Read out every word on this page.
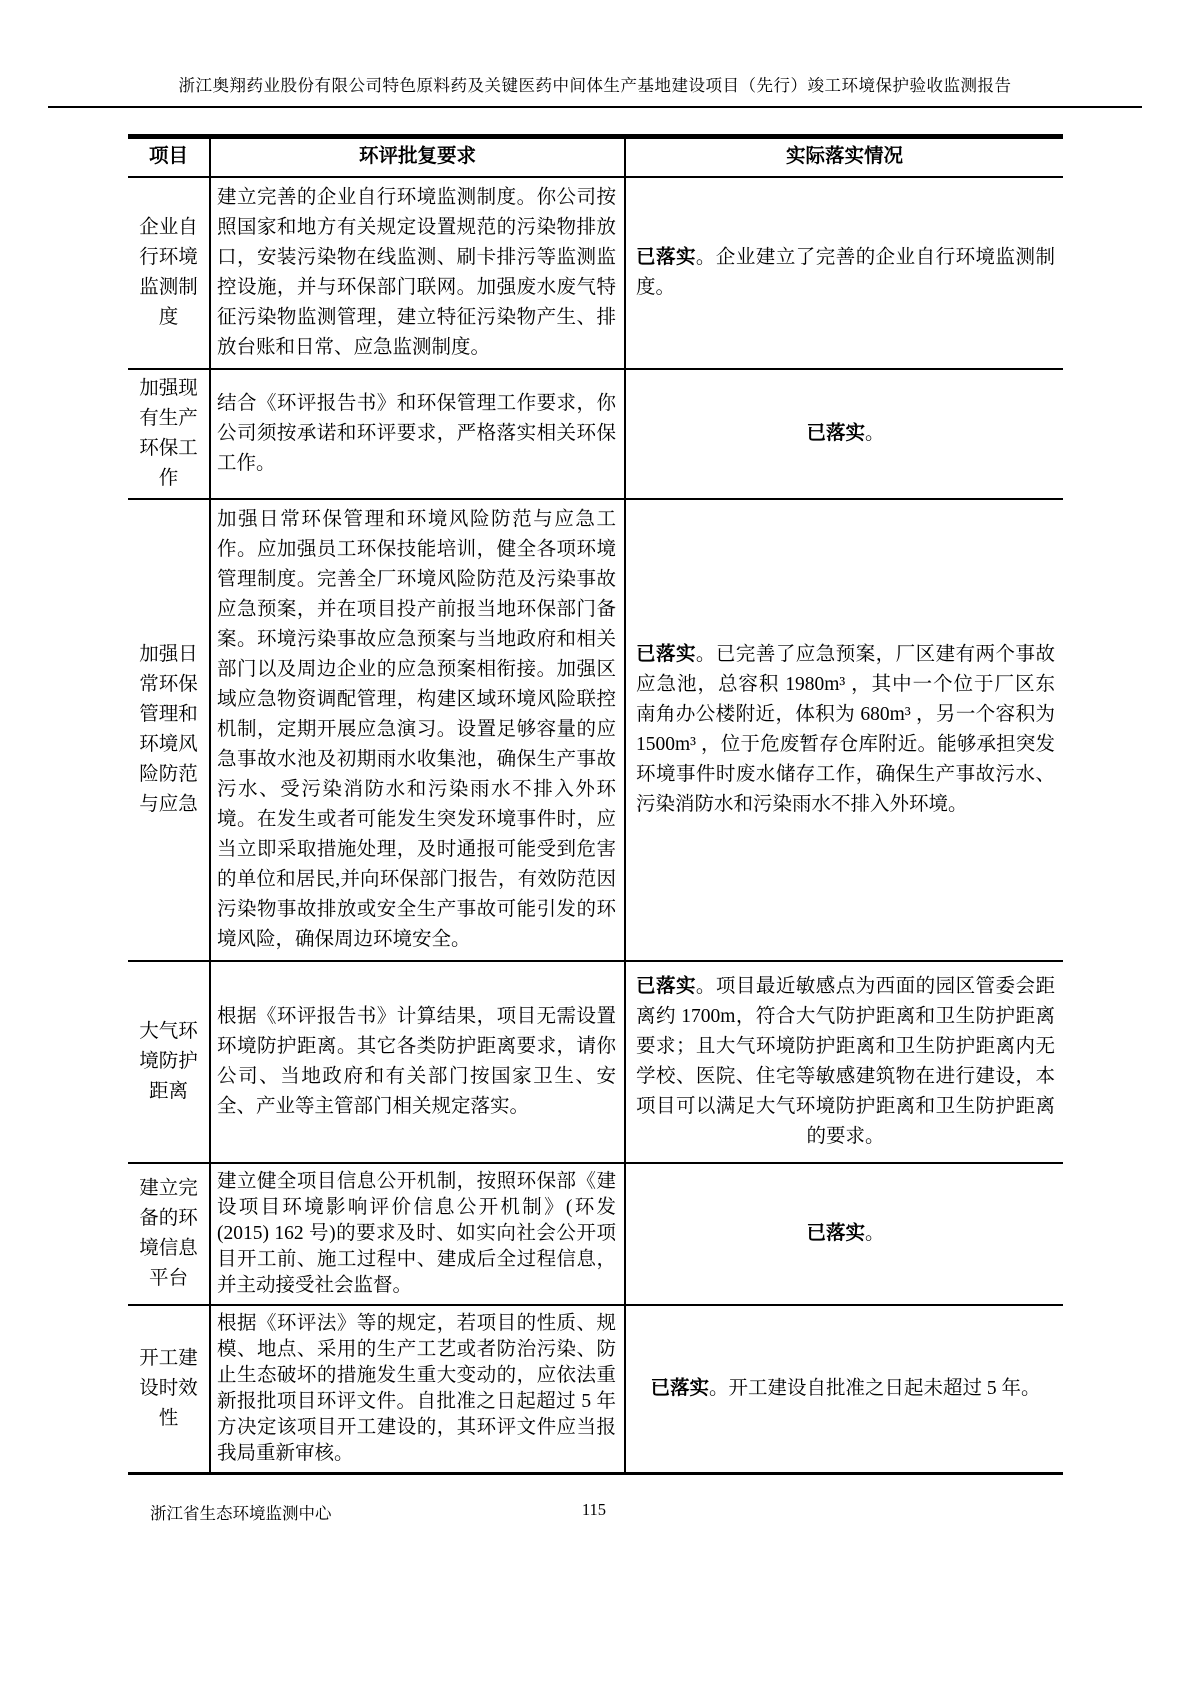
浙江奥翔药业股份有限公司特色原料药及关键医药中间体生产基地建设项目（先行）竣工环境保护验收监测报告
项目	环评批复要求	实际落实情况
企业自行环境监测制度	建立完善的企业自行环境监测制度。你公司按照国家和地方有关规定设置规范的污染物排放口，安装污染物在线监测、刷卡排污等监测监控设施，并与环保部门联网。加强废水废气特征污染物监测管理，建立特征污染物产生、排放台账和日常、应急监测制度。	已落实。企业建立了完善的企业自行环境监测制度。
加强现有生产环保工作	结合《环评报告书》和环保管理工作要求，你公司须按承诺和环评要求，严格落实相关环保工作。	已落实。
加强日常环保管理和环境风险防范与应急	加强日常环保管理和环境风险防范与应急工作。应加强员工环保技能培训，健全各项环境管理制度。完善全厂环境风险防范及污染事故应急预案，并在项目投产前报当地环保部门备案。环境污染事故应急预案与当地政府和相关部门以及周边企业的应急预案相衔接。加强区域应急物资调配管理，构建区域环境风险联控机制，定期开展应急演习。设置足够容量的应急事故水池及初期雨水收集池，确保生产事故污水、受污染消防水和污染雨水不排入外环境。在发生或者可能发生突发环境事件时，应当立即采取措施处理，及时通报可能受到危害的单位和居民,并向环保部门报告，有效防范因污染物事故排放或安全生产事故可能引发的环境风险，确保周边环境安全。	已落实。已完善了应急预案，厂区建有两个事故应急池，总容积 1980m³ ，其中一个位于厂区东南角办公楼附近，体积为 680m³ ，另一个容积为 1500m³ ，位于危废暂存仓库附近。能够承担突发环境事件时废水储存工作，确保生产事故污水、污染消防水和污染雨水不排入外环境。
大气环境防护距离	根据《环评报告书》计算结果，项目无需设置环境防护距离。其它各类防护距离要求，请你公司、当地政府和有关部门按国家卫生、安全、产业等主管部门相关规定落实。	已落实。项目最近敏感点为西面的园区管委会距离约 1700m，符合大气防护距离和卫生防护距离要求；且大气环境防护距离和卫生防护距离内无学校、医院、住宅等敏感建筑物在进行建设，本项目可以满足大气环境防护距离和卫生防护距离的要求。
建立完备的环境信息平台	建立健全项目信息公开机制，按照环保部《建设项目环境影响评价信息公开机制》(环发 (2015) 162 号)的要求及时、如实向社会公开项目开工前、施工过程中、建成后全过程信息，并主动接受社会监督。	已落实。
开工建设时效性	根据《环评法》等的规定，若项目的性质、规模、地点、采用的生产工艺或者防治污染、防止生态破坏的措施发生重大变动的，应依法重新报批项目环评文件。自批准之日起超过 5 年方决定该项目开工建设的，其环评文件应当报我局重新审核。	已落实。开工建设自批准之日起未超过 5 年。
浙江省生态环境监测中心	115
